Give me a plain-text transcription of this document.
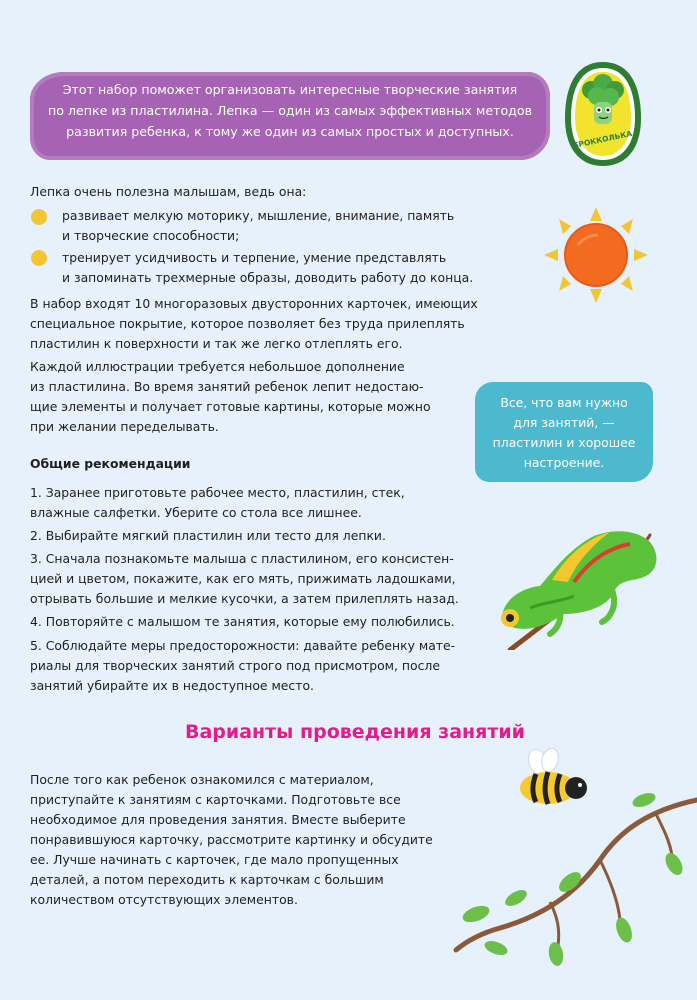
Этот набор поможет организовать интересные творческие занятия
по лепке из пластилина. Лепка — один из самых эффективных методов
развития ребенка, к тому же один из самых простых и доступных.	БРОККОЛЬКА
Лепка очень полезна малышам, ведь она:
развивает мелкую моторику, мышление, внимание, память
и творческие способности;
тренирует усидчивость и терпение, умение представлять
и запоминать трехмерные образы, доводить работу до конца.
В набор входят 10 многоразовых двусторонних карточек, имеющих
специальное покрытие, которое позволяет без труда прилеплять
пластилин к поверхности и так же легко отлеплять его.
Каждой иллюстрации требуется небольшое дополнение
из пластилина. Во время занятий ребенок лепит недостаю-
щие элементы и получает готовые картины, которые можно
при желании переделывать.
Все, что вам нужно
для занятий, —
пластилин и хорошее
настроение.
Общие рекомендации
1. Заранее приготовьте рабочее место, пластилин, стек,
влажные салфетки. Уберите со стола все лишнее.
2. Выбирайте мягкий пластилин или тесто для лепки.
3. Сначала познакомьте малыша с пластилином, его консистен-
цией и цветом, покажите, как его мять, прижимать ладошками,
отрывать большие и мелкие кусочки, а затем прилеплять назад.
4. Повторяйте с малышом те занятия, которые ему полюбились.
5. Соблюдайте меры предосторожности: давайте ребенку мате-
риалы для творческих занятий строго под присмотром, после
занятий убирайте их в недоступное место.
Варианты проведения занятий
После того как ребенок ознакомился с материалом,
приступайте к занятиям с карточками. Подготовьте все
необходимое для проведения занятия. Вместе выберите
понравившуюся карточку, рассмотрите картинку и обсудите
ее. Лучше начинать с карточек, где мало пропущенных
деталей, а потом переходить к карточкам с большим
количеством отсутствующих элементов.
